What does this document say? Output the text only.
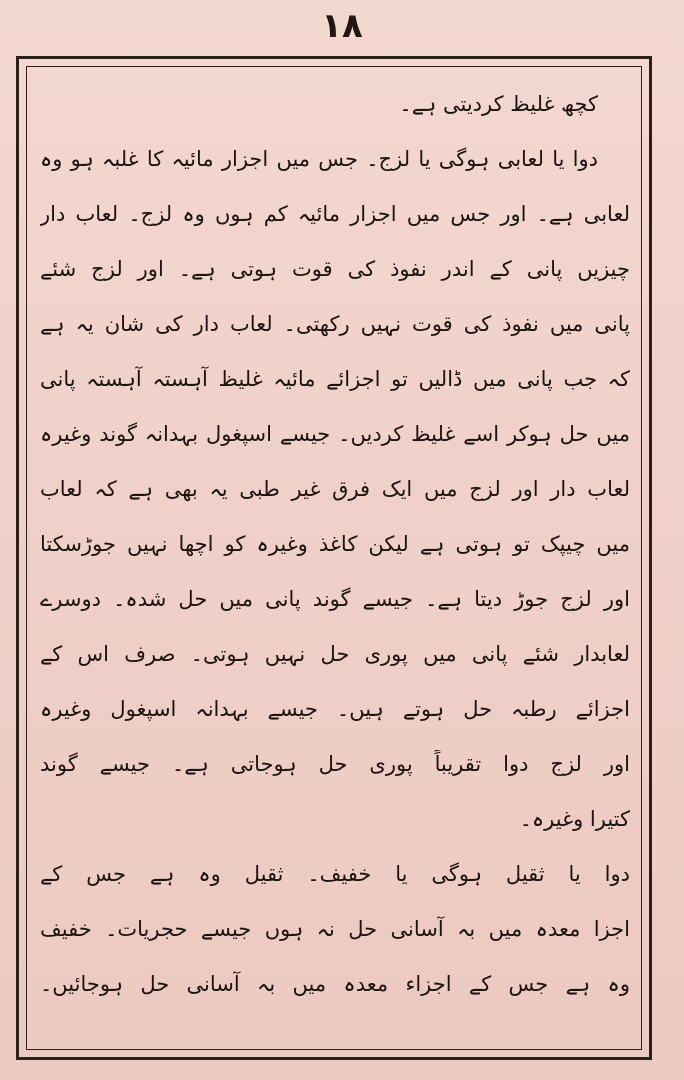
١٨
کچھ غلیظ کردیتی ہے۔
دوا یا لعابی ہوگی یا لزج۔ جس میں اجزار مائیہ کا غلبہ ہو وہ
لعابی ہے۔ اور جس میں اجزار مائیہ کم ہوں وہ لزج۔ لعاب دار
چیزیں پانی کے اندر نفوذ کی قوت ہوتی ہے۔ اور لزج شئے
پانی میں نفوذ کی قوت نہیں رکھتی۔ لعاب دار کی شان یہ ہے
کہ جب پانی میں ڈالیں تو اجزائے مائیہ غلیظ آہستہ آہستہ پانی
میں حل ہوکر اسے غلیظ کردیں۔ جیسے اسپغول بہدانہ گوند وغیرہ
لعاب دار اور لزج میں ایک فرق غیر طبی یہ بھی ہے کہ لعاب
میں چیپک تو ہوتی ہے لیکن کاغذ وغیرہ کو اچھا نہیں جوڑسکتا
اور لزج جوڑ دیتا ہے۔ جیسے گوند پانی میں حل شدہ۔ دوسرے
لعابدار شئے پانی میں پوری حل نہیں ہوتی۔ صرف اس کے
اجزائے رطبہ حل ہوتے ہیں۔ جیسے بہدانہ اسپغول وغیرہ
اور لزج دوا تقریباً پوری حل ہوجاتی ہے۔ جیسے گوند
کتیرا وغیرہ۔
دوا یا ثقیل ہوگی یا خفیف۔ ثقیل وہ ہے جس کے
اجزا معدہ میں بہ آسانی حل نہ ہوں جیسے حجریات۔ خفیف
وہ ہے جس کے اجزاء معدہ میں بہ آسانی حل ہوجائیں۔
